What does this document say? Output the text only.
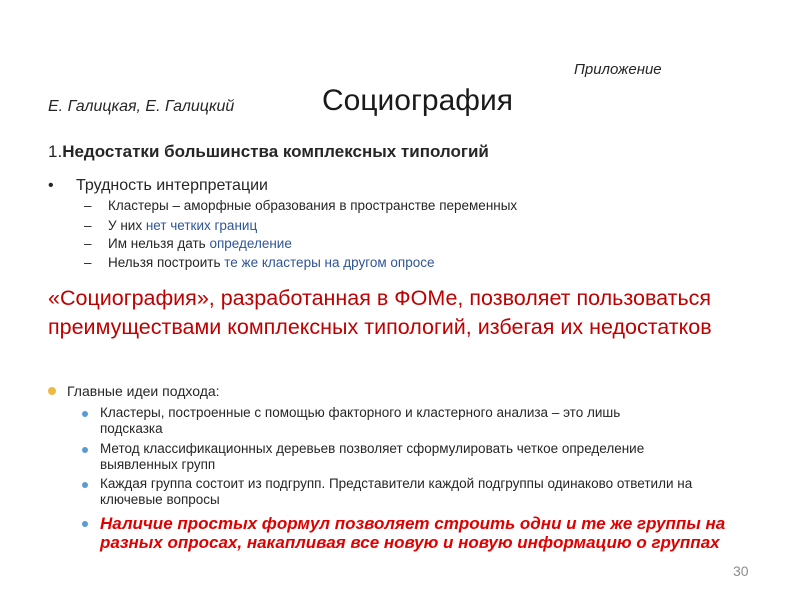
Приложение
Е. Галицкая, Е. Галицкий	Социография
1.Недостатки большинства комплексных типологий
• Трудность интерпретации
– Кластеры – аморфные образования в пространстве переменных
– У них нет четких границ
– Им нельзя дать определение
– Нельзя построить те же кластеры на другом опросе
«Социография», разработанная в ФОМе, позволяет пользоваться преимуществами комплексных типологий, избегая их недостатков
Главные идеи подхода:
Кластеры, построенные с помощью факторного и кластерного анализа – это лишь подсказка
Метод классификационных деревьев позволяет сформулировать четкое определение выявленных групп
Каждая группа состоит из подгрупп. Представители каждой подгруппы одинаково ответили на ключевые вопросы
Наличие простых формул позволяет строить одни и те же группы на разных опросах, накапливая все новую и новую информацию о группах
30
